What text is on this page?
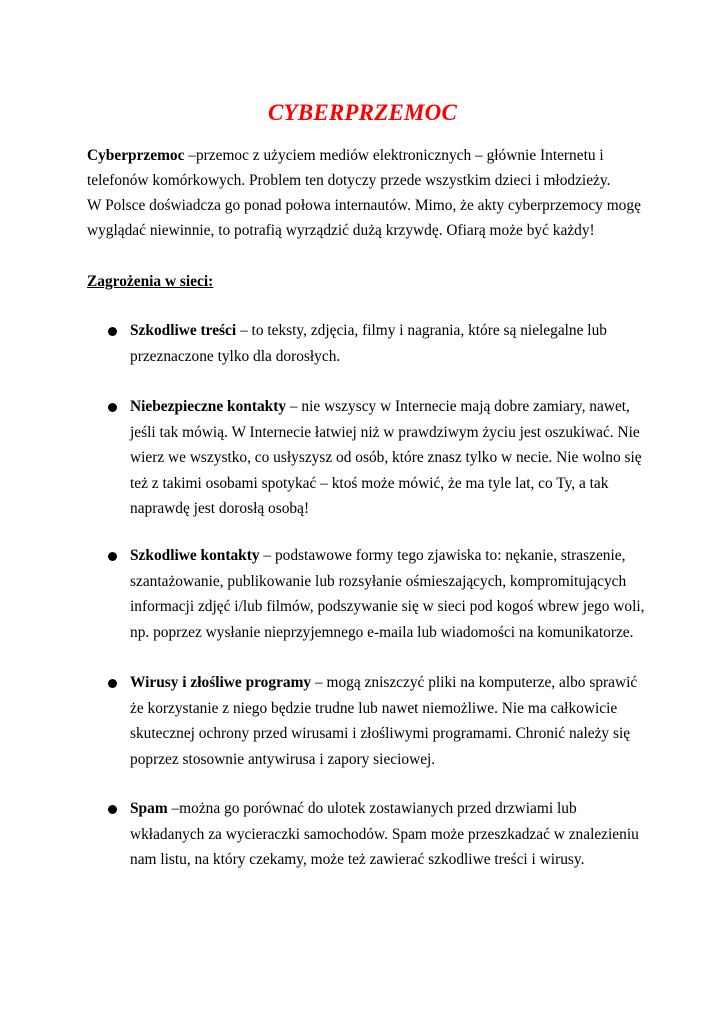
CYBERPRZEMOC

Cyberprzemoc –przemoc z użyciem mediów elektronicznych – głównie Internetu i telefonów komórkowych. Problem ten dotyczy przede wszystkim dzieci i młodzieży.

W Polsce doświadcza go ponad połowa internautów. Mimo, że akty cyberprzemocy mogę wyglądać niewinnie, to potrafią wyrządzić dużą krzywdę. Ofiarą może być każdy!

Zagrożenia w sieci:
Szkodliwe treści – to teksty, zdjęcia, filmy i nagrania, które są nielegalne lub przeznaczone tylko dla dorosłych.
Niebezpieczne kontakty – nie wszyscy w Internecie mają dobre zamiary, nawet, jeśli tak mówią. W Internecie łatwiej niż w prawdziwym życiu jest oszukiwać. Nie wierz we wszystko, co usłyszysz od osób, które znasz tylko w necie. Nie wolno się też z takimi osobami spotykać – ktoś może mówić, że ma tyle lat, co Ty, a tak naprawdę jest dorosłą osobą!
Szkodliwe kontakty – podstawowe formy tego zjawiska to: nękanie, straszenie, szantażowanie, publikowanie lub rozsyłanie ośmieszających, kompromitujących informacji zdjęć i/lub filmów, podszywanie się w sieci pod kogoś wbrew jego woli, np. poprzez wysłanie nieprzyjemnego e-maila lub wiadomości na komunikatorze.
Wirusy i złośliwe programy – mogą zniszczyć pliki na komputerze, albo sprawić że korzystanie z niego będzie trudne lub nawet niemożliwe. Nie ma całkowicie skutecznej ochrony przed wirusami i złośliwymi programami. Chronić należy się poprzez stosownie antywirusa i zapory sieciowej.
Spam –można go porównać do ulotek zostawianych przed drzwiami lub wkładanych za wycieraczki samochodów. Spam może przeszkadzać w znalezieniu nam listu, na który czekamy, może też zawierać szkodliwe treści i wirusy.
